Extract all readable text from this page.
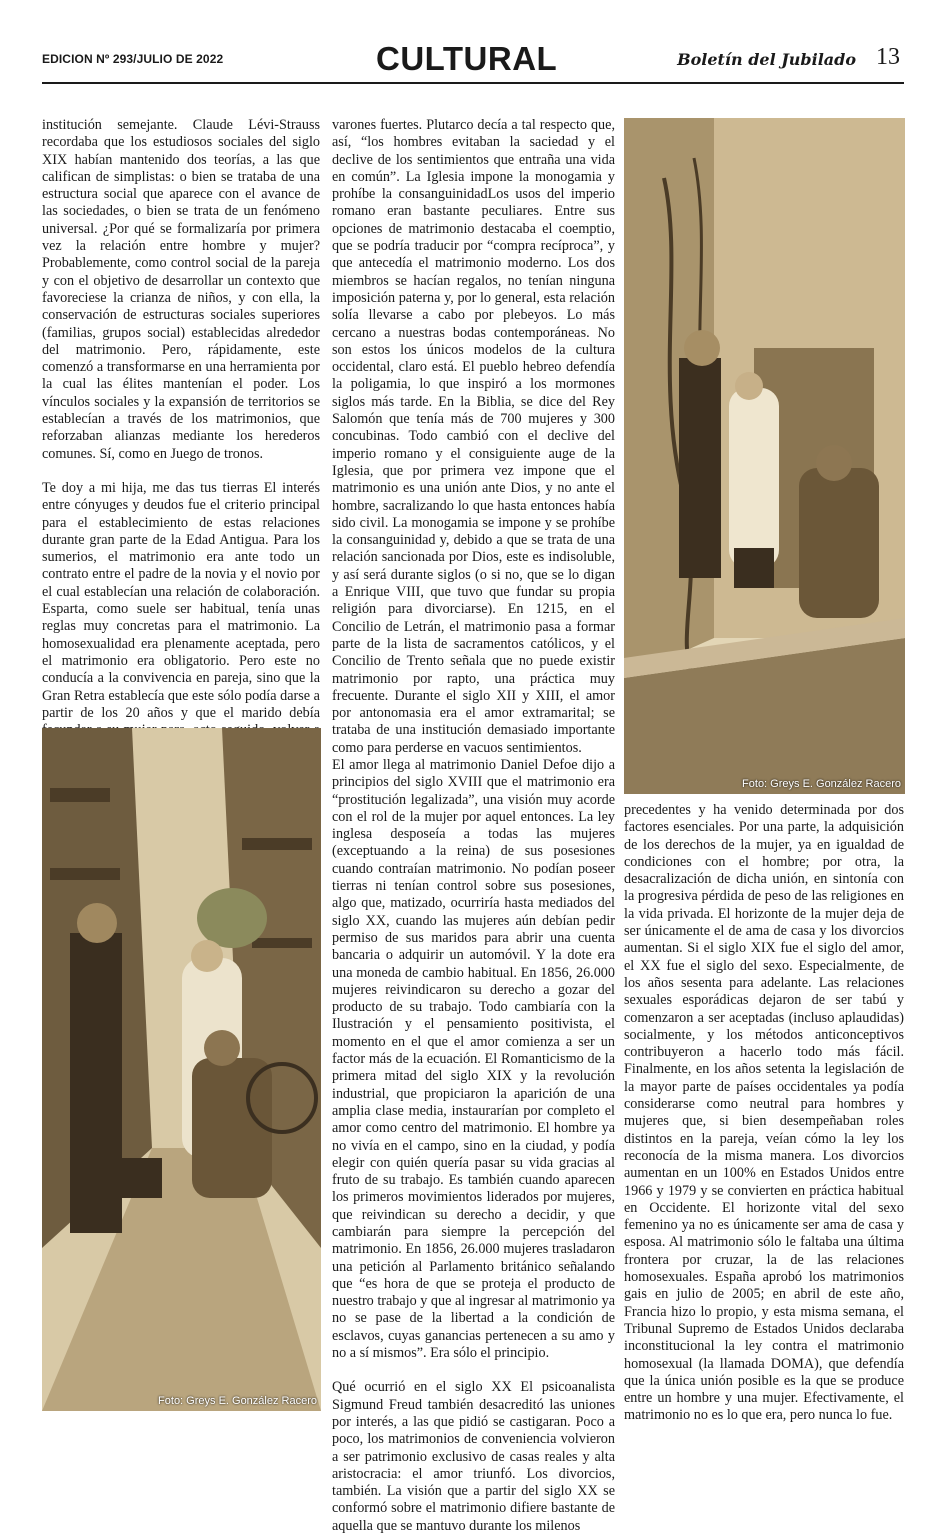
EDICION Nº 293/JULIO DE 2022	CULTURAL	Boletín del Jubilado 13

institución semejante. Claude Lévi-Strauss recordaba que los estudiosos sociales del siglo XIX habían mantenido dos teorías, a las que califican de simplistas: o bien se trataba de una estructura social que aparece con el avance de las sociedades, o bien se trata de un fenómeno universal. ¿Por qué se formalizaría por primera vez la relación entre hombre y mujer? Probablemente, como control social de la pareja y con el objetivo de desarrollar un contexto que favoreciese la crianza de niños, y con ella, la conservación de estructuras sociales superiores (familias, grupos social) establecidas alrededor del matrimonio. Pero, rápidamente, este comenzó a transformarse en una herramienta por la cual las élites mantenían el poder. Los vínculos sociales y la expansión de territorios se establecían a través de los matrimonios, que reforzaban alianzas mediante los herederos comunes. Sí, como en Juego de tronos.

Te doy a mi hija, me das tus tierras El interés entre cónyuges y deudos fue el criterio principal para el establecimiento de estas relaciones durante gran parte de la Edad Antigua. Para los sumerios, el matrimonio era ante todo un contrato entre el padre de la novia y el novio por el cual establecían una relación de colaboración. Esparta, como suele ser habitual, tenía unas reglas muy concretas para el matrimonio. La homosexualidad era plenamente aceptada, pero el matrimonio era obligatorio. Pero este no conducía a la convivencia en pareja, sino que la Gran Retra establecía que este sólo podía darse a partir de los 20 años y que el marido debía

varones fuertes. Plutarco decía a tal respecto que, así, “los hombres evitaban la saciedad y el declive de los sentimientos que entraña una vida en común”. La Iglesia impone la monogamia y prohíbe la consanguinidadLos usos del imperio romano eran bastante peculiares. Entre sus opciones de matrimonio destacaba el coemptio, que se podría traducir por “compra recíproca”, y que antecedía el matrimonio moderno. Los dos miembros se hacían regalos, no tenían ninguna imposición paterna y, por lo general, esta relación solía llevarse a cabo por plebeyos. Lo más cercano a nuestras bodas contemporáneas. No son estos los únicos modelos de la cultura occidental, claro está. El pueblo hebreo defendía la poligamia, lo que inspiró a los mormones siglos más tarde. En la Biblia, se dice del Rey Salomón que tenía más de 700 mujeres y 300 concubinas. Todo cambió con el declive del imperio romano y el consiguiente auge de la Iglesia, que por primera vez impone que el matrimonio es una unión ante Dios, y no ante el hombre, sacralizando lo que hasta entonces había sido civil. La monogamia se impone y se prohíbe la consanguinidad y, debido a que se trata de una relación sancionada por Dios, este es indisoluble, y así será durante siglos (o si no, que se lo digan a Enrique VIII, que tuvo que fundar su propia religión para divorciarse). En 1215, en el Concilio de Letrán, el matrimonio pasa a formar parte de la lista de sacramentos católicos, y el Concilio de Trento señala que no puede existir matrimonio por rapto, una práctica muy frecuente. Durante el siglo XII y XIII, el amor por antonomasia era el amor extramarital; se trataba de una institución demasiado importante como para perderse en vacuos sentimientos.

El amor llega al matrimonio Daniel Defoe dijo a principios del siglo XVIII que el matrimonio era “prostitución legalizada”, una visión muy acorde con el rol de la mujer por aquel entonces. La ley inglesa desposeía a todas las mujeres (exceptuando a la reina) de sus posesiones cuando contraían matrimonio. No podían poseer tierras ni tenían control sobre sus posesiones, algo que, matizado, ocurriría hasta mediados del siglo XX, cuando las mujeres aún debían pedir permiso de sus maridos para abrir una cuenta bancaria o adquirir un automóvil. Y la dote era una moneda de cambio habitual. En 1856, 26.000 mujeres reivindicaron su derecho a gozar del producto de su trabajo. Todo cambiaría con la Ilustración y el pensamiento positivista, el momento en el que el amor comienza a ser un factor más de la ecuación. El Romanticismo de la primera mitad del siglo XIX y la revolución industrial, que propiciaron la aparición de una amplia clase media, instaurarían por completo el amor como centro del matrimonio. El hombre ya no vivía en el campo, sino en la ciudad, y podía elegir con quién quería pasar su vida gracias al fruto de su trabajo. Es también cuando aparecen los primeros movimientos liderados por mujeres, que reivindican su derecho a decidir, y que cambiarán para siempre la percepción del matrimonio. En 1856, 26.000 mujeres trasladaron una petición al Parlamento británico señalando que “es hora de que se proteja el producto de nuestro trabajo y que al ingresar al matrimonio ya no se pase de la libertad a la condición de esclavos, cuyas ganancias pertenecen a su amo y no a sí mismos”. Era sólo el principio.

Qué ocurrió en el siglo XX El psicoanalista Sigmund Freud también desacreditó las uniones por interés, a las que pidió se castigaran. Poco a poco, los matrimonios de conveniencia volvieron a ser patrimonio exclusivo de casas reales y alta aristocracia: el amor triunfó. Los divorcios, también. La visión que a partir del siglo XX se conformó sobre el matrimonio difiere bastante de aquella que se mantuvo durante los milenos

precedentes y ha venido determinada por dos factores esenciales. Por una parte, la adquisición de los derechos de la mujer, ya en igualdad de condiciones con el hombre; por otra, la desacralización de dicha unión, en sintonía con la progresiva pérdida de peso de las religiones en la vida privada. El horizonte de la mujer deja de ser únicamente el de ama de casa y los divorcios aumentan. Si el siglo XIX fue el siglo del amor, el XX fue el siglo del sexo. Especialmente, de los años sesenta para adelante. Las relaciones sexuales esporádicas dejaron de ser tabú y comenzaron a ser aceptadas (incluso aplaudidas) socialmente, y los métodos anticonceptivos contribuyeron a hacerlo todo más fácil. Finalmente, en los años setenta la legislación de la mayor parte de países occidentales ya podía considerarse como neutral para hombres y mujeres que, si bien desempeñaban roles distintos en la pareja, veían cómo la ley los reconocía de la misma manera. Los divorcios aumentan en un 100% en Estados Unidos entre 1966 y 1979 y se convierten en práctica habitual en Occidente. El horizonte vital del sexo femenino ya no es únicamente ser ama de casa y esposa. Al matrimonio sólo le faltaba una última frontera por cruzar, la de las relaciones homosexuales. España aprobó los matrimonios gais en julio de 2005; en abril de este año, Francia hizo lo propio, y esta misma semana, el Tribunal Supremo de Estados Unidos declaraba inconstitucional la ley contra el matrimonio homosexual (la llamada DOMA), que defendía que la única unión posible es la que se produce entre un hombre y una mujer. Efectivamente, el matrimonio no es lo que era, pero nunca lo fue.

Foto: Greys E. González Racero
Foto: Greys E. González Racero
